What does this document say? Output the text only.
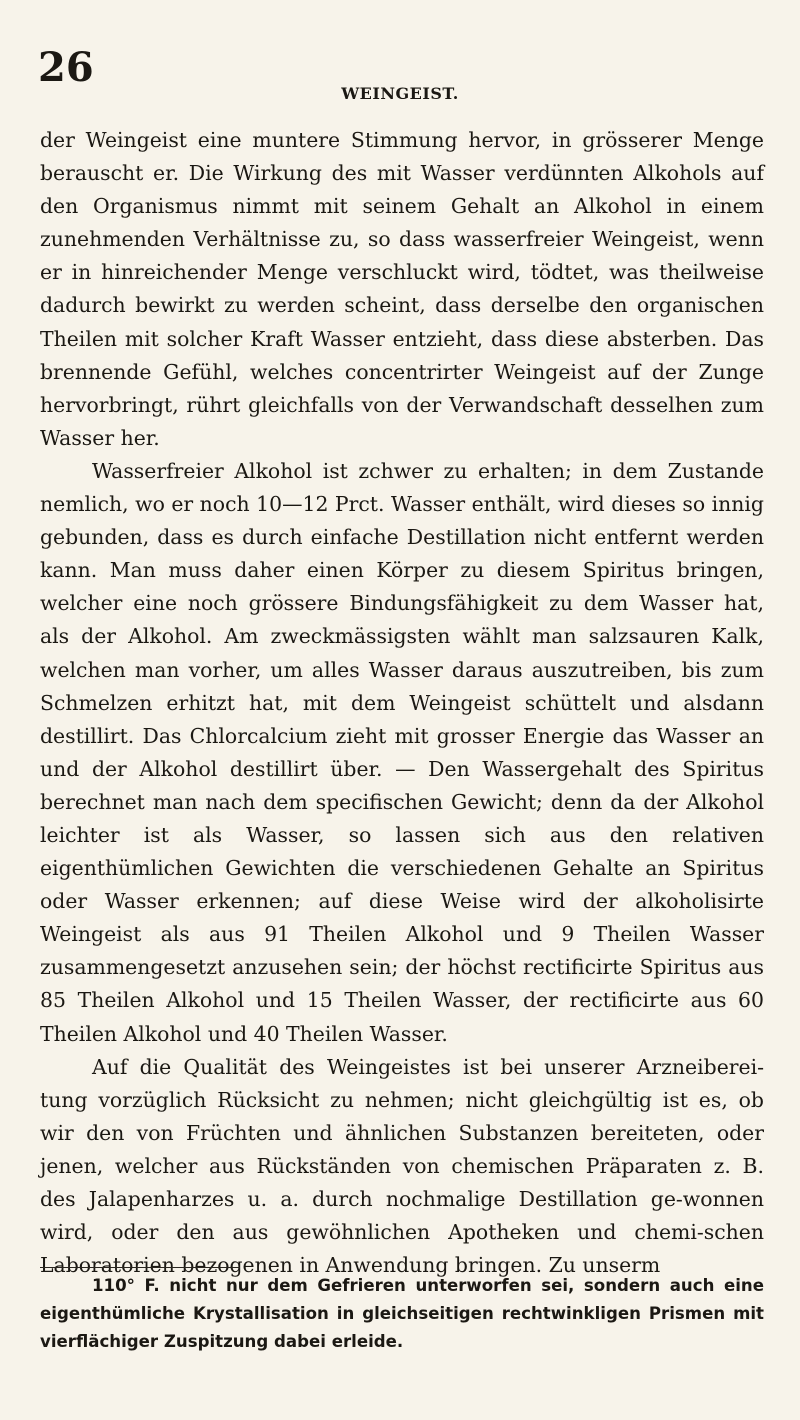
26
WEINGEIST.

der Weingeist eine muntere Stimmung hervor, in grösserer Menge berauscht er. Die Wirkung des mit Wasser verdünnten Alkohols auf den Organismus nimmt mit seinem Gehalt an Alkohol in einem zunehmenden Verhältnisse zu, so dass wasserfreier Weingeist, wenn er in hinreichender Menge verschluckt wird, tödtet, was theilweise dadurch bewirkt zu werden scheint, dass derselbe den organischen Theilen mit solcher Kraft Wasser entzieht, dass diese absterben. Das brennende Gefühl, welches concentrirter Weingeist auf der Zunge hervorbringt, rührt gleichfalls von der Verwandschaft desselhen zum Wasser her.

Wasserfreier Alkohol ist zchwer zu erhalten; in dem Zustande nemlich, wo er noch 10—12 Prct. Wasser enthält, wird dieses so innig gebunden, dass es durch einfache Destillation nicht entfernt werden kann. Man muss daher einen Körper zu diesem Spiritus bringen, welcher eine noch grössere Bindungsfähigkeit zu dem Wasser hat, als der Alkohol. Am zweckmässigsten wählt man salzsauren Kalk, welchen man vorher, um alles Wasser daraus auszutreiben, bis zum Schmelzen erhitzt hat, mit dem Weingeist schüttelt und alsdann destillirt. Das Chlorcalcium zieht mit grosser Energie das Wasser an und der Alkohol destillirt über. — Den Wassergehalt des Spiritus berechnet man nach dem specifischen Gewicht; denn da der Alkohol leichter ist als Wasser, so lassen sich aus den relativen eigenthümlichen Gewichten die verschiedenen Gehalte an Spiritus oder Wasser erkennen; auf diese Weise wird der alkoholisirte Weingeist als aus 91 Theilen Alkohol und 9 Theilen Wasser zusammengesetzt anzusehen sein; der höchst rectificirte Spiritus aus 85 Theilen Alkohol und 15 Theilen Wasser, der rectificirte aus 60 Theilen Alkohol und 40 Theilen Wasser.

Auf die Qualität des Weingeistes ist bei unserer Arzneiberei-tung vorzüglich Rücksicht zu nehmen; nicht gleichgültig ist es, ob wir den von Früchten und ähnlichen Substanzen bereiteten, oder jenen, welcher aus Rückständen von chemischen Präparaten z. B. des Jalapenharzes u. a. durch nochmalige Destillation ge-wonnen wird, oder den aus gewöhnlichen Apotheken und chemi-schen Laboratorien bezogenen in Anwendung bringen. Zu unserm

110° F. nicht nur dem Gefrieren unterworfen sei, sondern auch eine eigenthümliche Krystallisation in gleichseitigen rechtwinkligen Prismen mit vierflächiger Zuspitzung dabei erleide.
